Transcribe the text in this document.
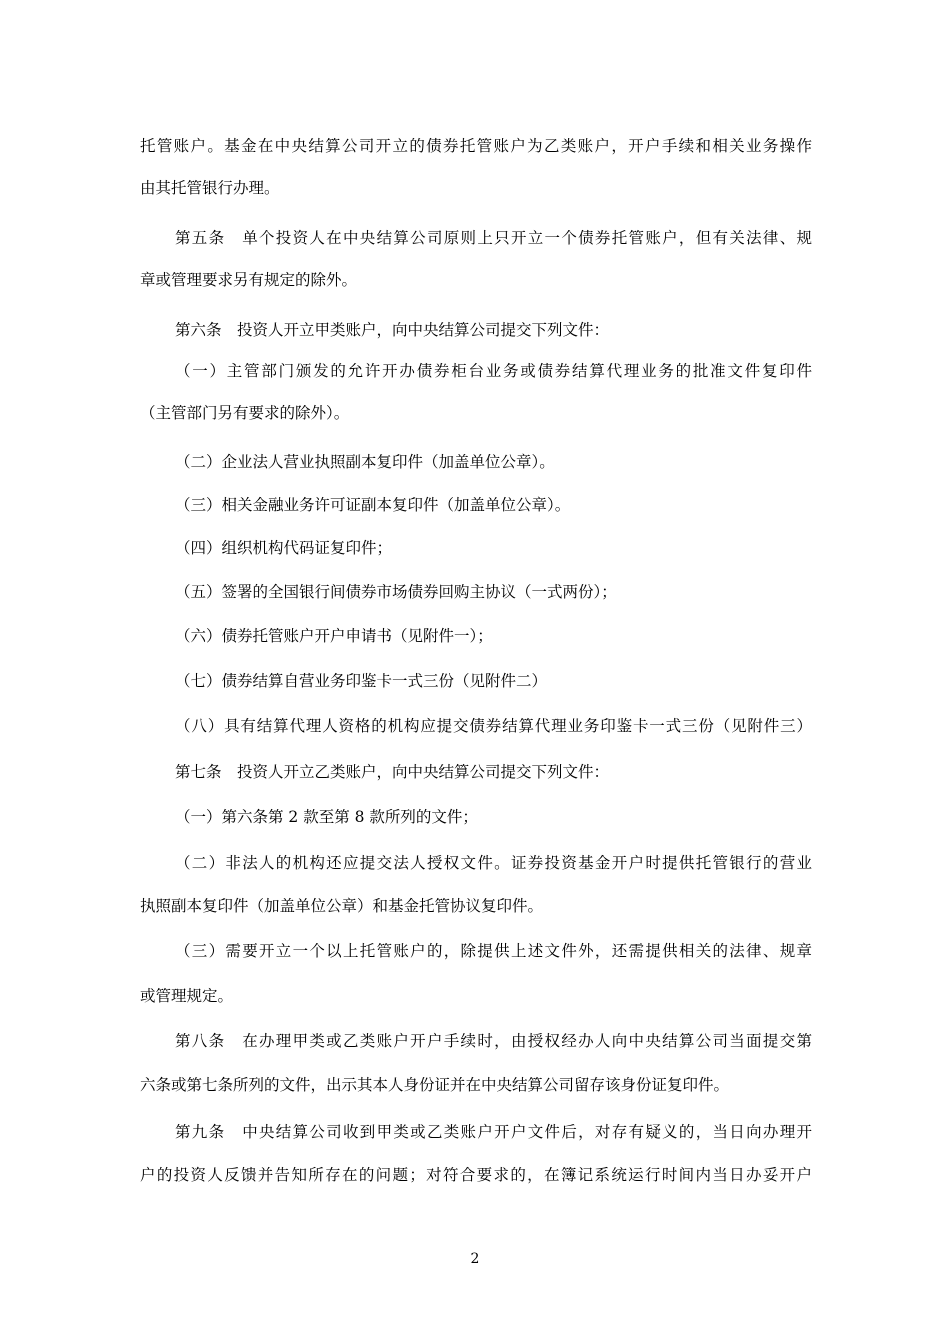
托管账户。基金在中央结算公司开立的债券托管账户为乙类账户，开户手续和相关业务操作
由其托管银行办理。
第五条　单个投资人在中央结算公司原则上只开立一个债券托管账户，但有关法律、规
章或管理要求另有规定的除外。
第六条　投资人开立甲类账户，向中央结算公司提交下列文件：
（一）主管部门颁发的允许开办债券柜台业务或债券结算代理业务的批准文件复印件
（主管部门另有要求的除外）。
（二）企业法人营业执照副本复印件（加盖单位公章）。
（三）相关金融业务许可证副本复印件（加盖单位公章）。
（四）组织机构代码证复印件；
（五）签署的全国银行间债券市场债券回购主协议（一式两份）；
（六）债券托管账户开户申请书（见附件一）；
（七）债券结算自营业务印鉴卡一式三份（见附件二）
（八）具有结算代理人资格的机构应提交债券结算代理业务印鉴卡一式三份（见附件三）
第七条　投资人开立乙类账户，向中央结算公司提交下列文件：
（一）第六条第 2 款至第 8 款所列的文件；
（二）非法人的机构还应提交法人授权文件。证券投资基金开户时提供托管银行的营业
执照副本复印件（加盖单位公章）和基金托管协议复印件。
（三）需要开立一个以上托管账户的，除提供上述文件外，还需提供相关的法律、规章
或管理规定。
第八条　在办理甲类或乙类账户开户手续时，由授权经办人向中央结算公司当面提交第
六条或第七条所列的文件，出示其本人身份证并在中央结算公司留存该身份证复印件。
第九条　中央结算公司收到甲类或乙类账户开户文件后，对存有疑义的，当日向办理开
户的投资人反馈并告知所存在的问题；对符合要求的，在簿记系统运行时间内当日办妥开户
2
